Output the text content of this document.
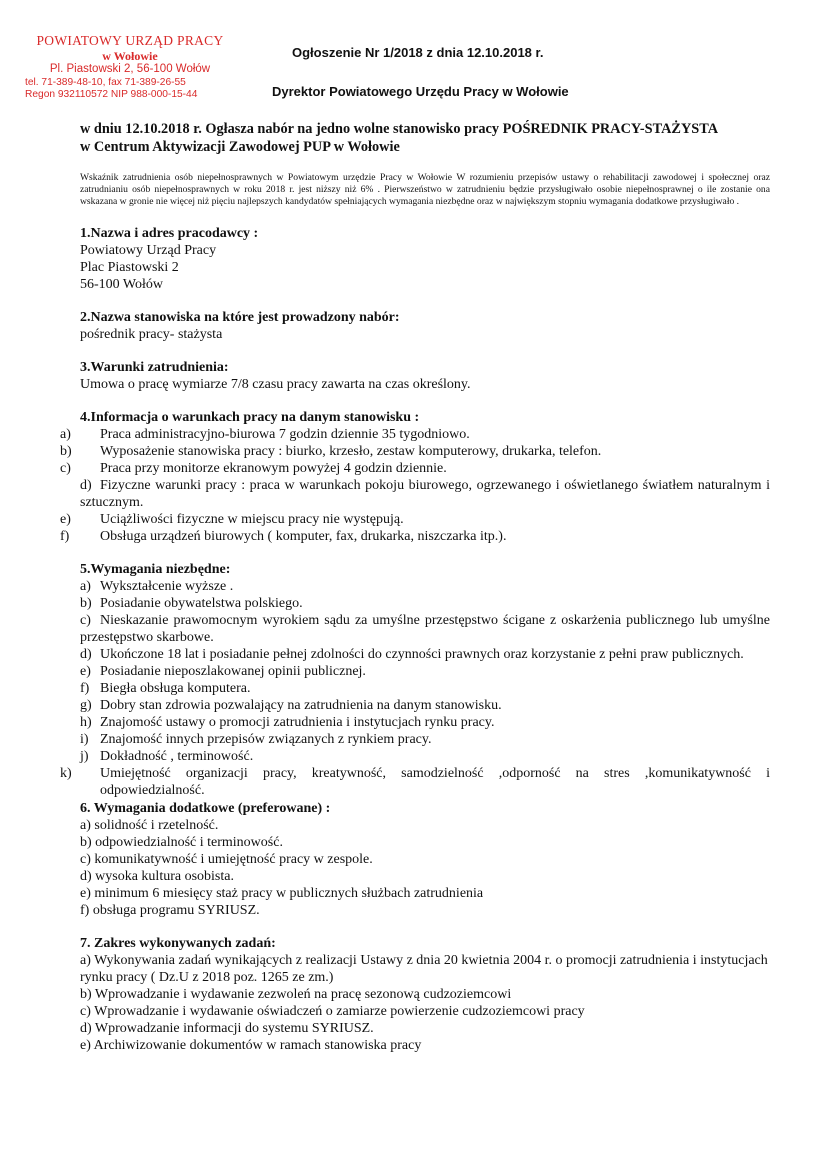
POWIATOWY URZĄD PRACY
w Wołowie
Pl. Piastowski 2, 56-100 Wołów
tel. 71-389-48-10, fax 71-389-26-55
Regon 932110572 NIP 988-000-15-44
Ogłoszenie Nr 1/2018 z dnia 12.10.2018 r.
Dyrektor Powiatowego Urzędu Pracy w Wołowie
w dniu 12.10.2018 r. Ogłasza nabór na jedno wolne stanowisko pracy POŚREDNIK PRACY-STAŻYSTA
w Centrum Aktywizacji Zawodowej PUP w Wołowie
Wskaźnik zatrudnienia osób niepełnosprawnych w Powiatowym urzędzie Pracy w Wołowie W rozumieniu przepisów ustawy o rehabilitacji zawodowej i społecznej oraz zatrudnianiu osób niepełnosprawnych w roku 2018 r. jest niższy niż 6% . Pierwszeństwo w zatrudnieniu będzie przysługiwało osobie niepełnosprawnej o ile zostanie ona wskazana w gronie nie więcej niż pięciu najlepszych kandydatów spełniających wymagania niezbędne oraz w największym stopniu wymagania dodatkowe przysługiwało .
1.Nazwa i adres pracodawcy :
Powiatowy Urząd Pracy
Plac Piastowski 2
56-100 Wołów
2.Nazwa stanowiska na które jest prowadzony nabór:
pośrednik pracy- stażysta
3.Warunki zatrudnienia:
Umowa o pracę wymiarze 7/8 czasu pracy zawarta na czas określony.
4.Informacja o warunkach pracy na danym stanowisku :
a) Praca administracyjno-biurowa 7 godzin dziennie 35 tygodniowo.
b) Wyposażenie stanowiska pracy : biurko, krzesło, zestaw komputerowy, drukarka, telefon.
c) Praca przy monitorze ekranowym powyżej 4 godzin dziennie.
d) Fizyczne warunki pracy : praca w warunkach pokoju biurowego, ogrzewanego i oświetlanego światłem naturalnym i sztucznym.
e) Uciążliwości fizyczne w miejscu pracy nie występują.
f) Obsługa urządzeń biurowych ( komputer, fax, drukarka, niszczarka itp.).
5.Wymagania niezbędne:
a) Wykształcenie wyższe .
b) Posiadanie obywatelstwa polskiego.
c) Nieskazanie prawomocnym wyrokiem sądu za umyślne przestępstwo ścigane z oskarżenia publicznego lub umyślne przestępstwo skarbowe.
d) Ukończone 18 lat i posiadanie pełnej zdolności do czynności prawnych oraz korzystanie z pełni praw publicznych.
e) Posiadanie nieposzlakowanej opinii publicznej.
f) Biegła obsługa komputera.
g) Dobry stan zdrowia pozwalający na zatrudnienia na danym stanowisku.
h) Znajomość ustawy o promocji zatrudnienia i instytucjach rynku pracy.
i) Znajomość innych przepisów związanych z rynkiem pracy.
j) Dokładność , terminowość.
k) Umiejętność organizacji pracy, kreatywność, samodzielność ,odporność na stres ,komunikatywność i odpowiedzialność.
6. Wymagania dodatkowe (preferowane) :
a) solidność i rzetelność.
b) odpowiedzialność i terminowość.
c) komunikatywność i umiejętność pracy w zespole.
d) wysoka kultura osobista.
e) minimum 6 miesięcy staż pracy w publicznych służbach zatrudnienia
f) obsługa programu SYRIUSZ.
7. Zakres wykonywanych zadań:
a) Wykonywania zadań wynikających z realizacji Ustawy z dnia 20 kwietnia 2004 r. o promocji zatrudnienia i instytucjach rynku pracy ( Dz.U z 2018 poz. 1265 ze zm.)
b) Wprowadzanie i wydawanie zezwoleń na pracę sezonową cudzoziemcowi
c) Wprowadzanie i wydawanie oświadczeń o zamiarze powierzenie cudzoziemcowi pracy
d) Wprowadzanie informacji do systemu SYRIUSZ.
e) Archiwizowanie dokumentów w ramach stanowiska pracy
